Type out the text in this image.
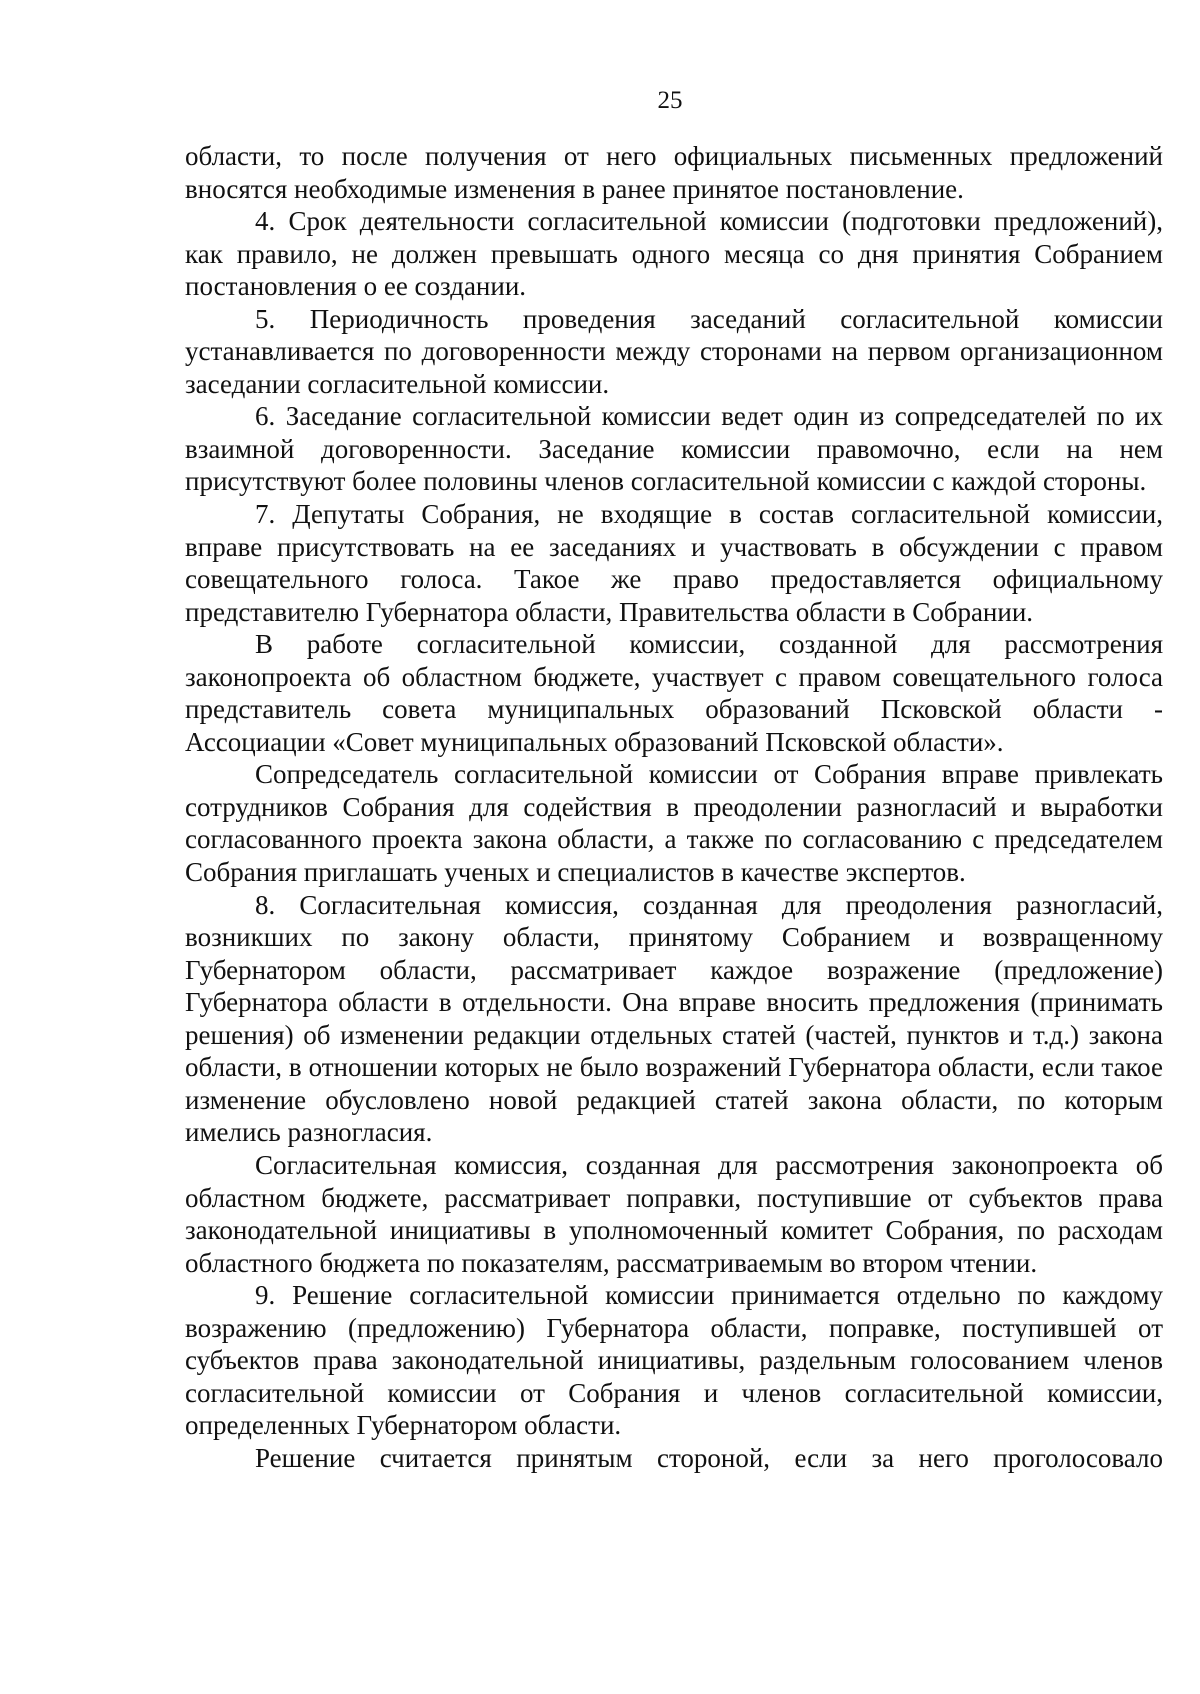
25

области, то после получения от него официальных письменных предложений вносятся необходимые изменения в ранее принятое постановление.

4. Срок деятельности согласительной комиссии (подготовки предложений), как правило, не должен превышать одного месяца со дня принятия Собранием постановления о ее создании.

5. Периодичность проведения заседаний согласительной комиссии устанавливается по договоренности между сторонами на первом организационном заседании согласительной комиссии.

6. Заседание согласительной комиссии ведет один из сопредседателей по их взаимной договоренности. Заседание комиссии правомочно, если на нем присутствуют более половины членов согласительной комиссии с каждой стороны.

7. Депутаты Собрания, не входящие в состав согласительной комиссии, вправе присутствовать на ее заседаниях и участвовать в обсуждении с правом совещательного голоса. Такое же право предоставляется официальному представителю Губернатора области, Правительства области в Собрании.

В работе согласительной комиссии, созданной для рассмотрения законопроекта об областном бюджете, участвует с правом совещательного голоса представитель совета муниципальных образований Псковской области - Ассоциации «Совет муниципальных образований Псковской области».

Сопредседатель согласительной комиссии от Собрания вправе привлекать сотрудников Собрания для содействия в преодолении разногласий и выработки согласованного проекта закона области, а также по согласованию с председателем Собрания приглашать ученых и специалистов в качестве экспертов.

8. Согласительная комиссия, созданная для преодоления разногласий, возникших по закону области, принятому Собранием и возвращенному Губернатором области, рассматривает каждое возражение (предложение) Губернатора области в отдельности. Она вправе вносить предложения (принимать решения) об изменении редакции отдельных статей (частей, пунктов и т.д.) закона области, в отношении которых не было возражений Губернатора области, если такое изменение обусловлено новой редакцией статей закона области, по которым имелись разногласия.

Согласительная комиссия, созданная для рассмотрения законопроекта об областном бюджете, рассматривает поправки, поступившие от субъектов права законодательной инициативы в уполномоченный комитет Собрания, по расходам областного бюджета по показателям, рассматриваемым во втором чтении.

9. Решение согласительной комиссии принимается отдельно по каждому возражению (предложению) Губернатора области, поправке, поступившей от субъектов права законодательной инициативы, раздельным голосованием членов согласительной комиссии от Собрания и членов согласительной комиссии, определенных Губернатором области.

Решение считается принятым стороной, если за него проголосовало
